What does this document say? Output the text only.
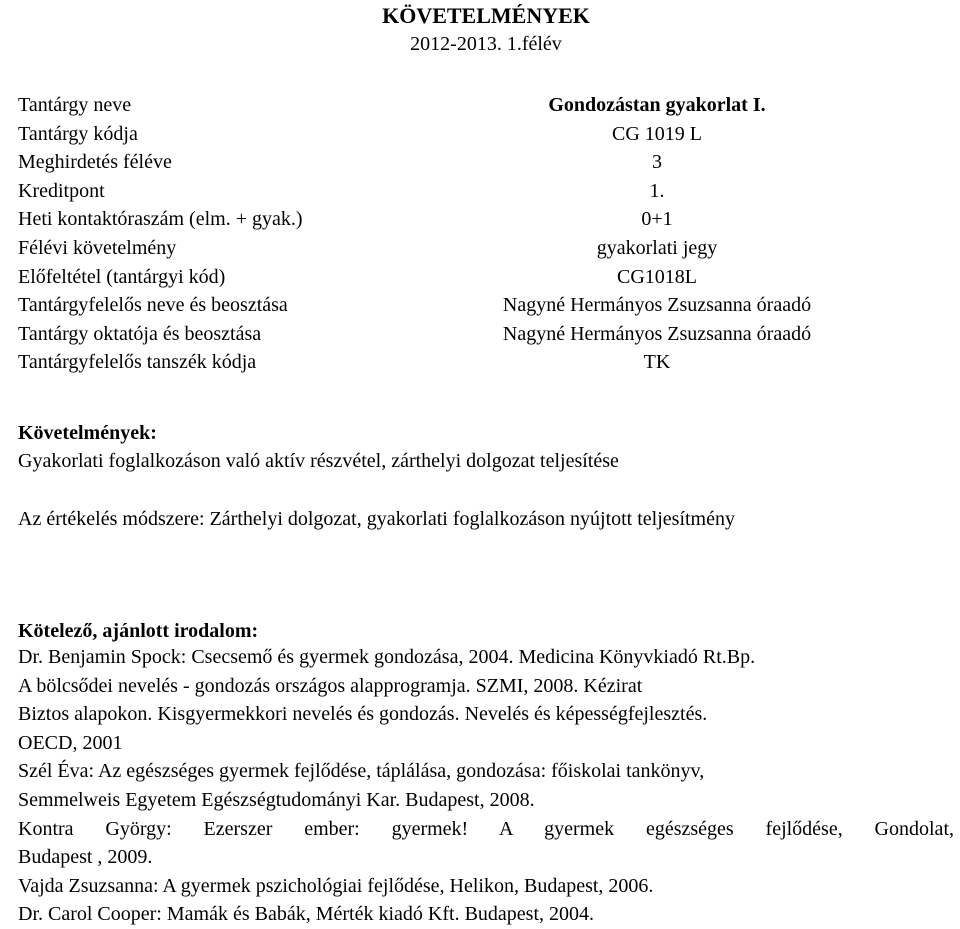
KÖVETELMÉNYEK
2012-2013. 1.félév
Tantárgy neve	Gondozástan gyakorlat I.
Tantárgy kódja	CG 1019 L
Meghirdetés féléve	3
Kreditpont	1.
Heti kontaktóraszám (elm. + gyak.)	0+1
Félévi követelmény	gyakorlati jegy
Előfeltétel (tantárgyi kód)	CG1018L
Tantárgyfelelős neve és beosztása	Nagyné Hermányos Zsuzsanna óraadó
Tantárgy oktatója és beosztása	Nagyné Hermányos Zsuzsanna óraadó
Tantárgyfelelős tanszék kódja	TK
Követelmények:
Gyakorlati foglalkozáson való aktív részvétel, zárthelyi dolgozat teljesítése
Az értékelés módszere: Zárthelyi dolgozat, gyakorlati foglalkozáson nyújtott teljesítmény
Kötelező, ajánlott irodalom:
Dr. Benjamin Spock: Csecsemő és gyermek gondozása, 2004. Medicina Könyvkiadó Rt.Bp.
A bölcsődei nevelés - gondozás országos alapprogramja. SZMI, 2008. Kézirat
Biztos alapokon. Kisgyermekkori nevelés és gondozás. Nevelés és képességfejlesztés.
OECD, 2001
Szél Éva: Az egészséges gyermek fejlődése, táplálása, gondozása: főiskolai tankönyv,
Semmelweis Egyetem Egészségtudományi Kar. Budapest, 2008.
Kontra György: Ezerszer ember: gyermek! A gyermek egészséges fejlődése, Gondolat,
Budapest , 2009.
Vajda Zsuzsanna: A gyermek pszichológiai fejlődése, Helikon, Budapest, 2006.
Dr. Carol Cooper: Mamák és Babák, Mérték kiadó Kft. Budapest, 2004.
